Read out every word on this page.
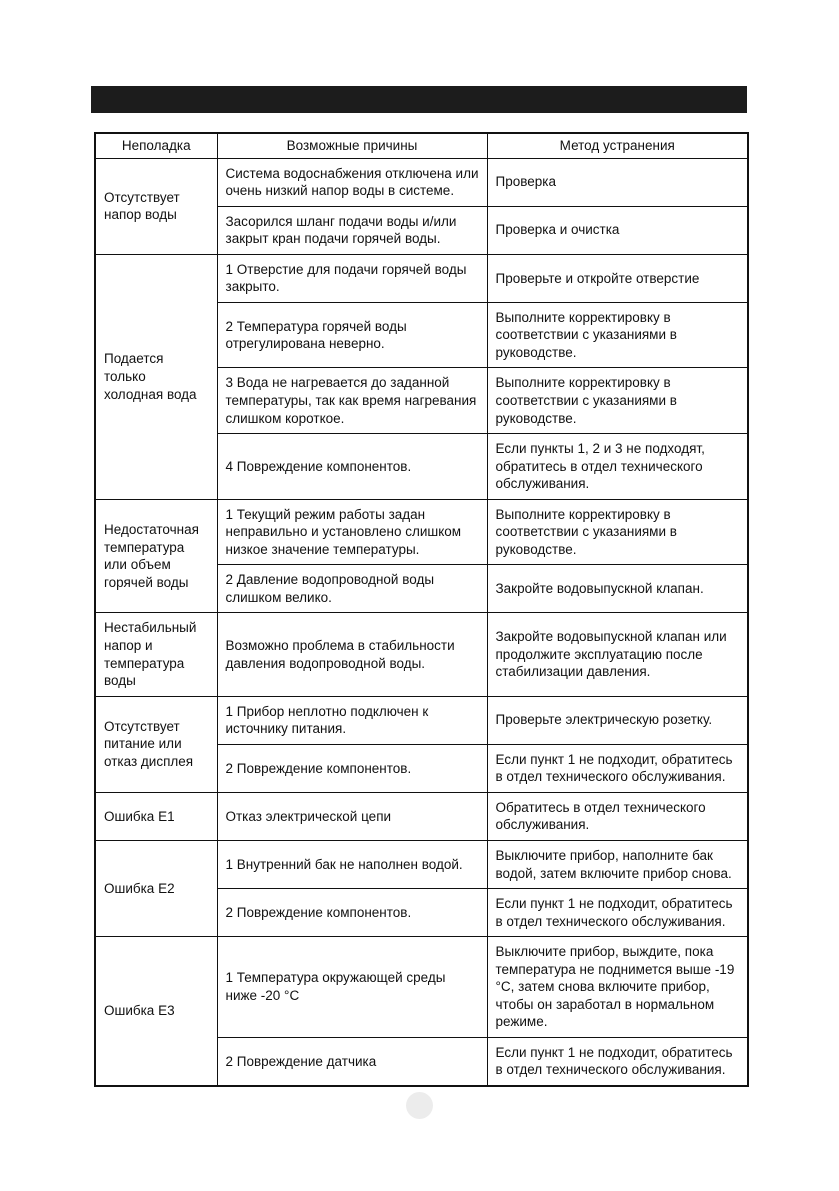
Неполадка	Возможные причины	Метод устранения
Отсутствует напор воды	Система водоснабжения отключена или очень низкий напор воды в системе.	Проверка
	Засорился шланг подачи воды и/или закрыт кран подачи горячей воды.	Проверка и очистка
Подается только холодная вода	1 Отверстие для подачи горячей воды закрыто.	Проверьте и откройте отверстие
	2 Температура горячей воды отрегулирована неверно.	Выполните корректировку в соответствии с указаниями в руководстве.
	3 Вода не нагревается до заданной температуры, так как время нагревания слишком короткое.	Выполните корректировку в соответствии с указаниями в руководстве.
	4 Повреждение компонентов.	Если пункты 1, 2 и 3 не подходят, обратитесь в отдел технического обслуживания.
Недостаточная температура или объем горячей воды	1 Текущий режим работы задан неправильно и установлено слишком низкое значение температуры.	Выполните корректировку в соответствии с указаниями в руководстве.
	2 Давление водопроводной воды слишком велико.	Закройте водовыпускной клапан.
Нестабильный напор и температура воды	Возможно проблема в стабильности давления водопроводной воды.	Закройте водовыпускной клапан или продолжите эксплуатацию после стабилизации давления.
Отсутствует питание или отказ дисплея	1 Прибор неплотно подключен к источнику питания.	Проверьте электрическую розетку.
	2 Повреждение компонентов.	Если пункт 1 не подходит, обратитесь в отдел технического обслуживания.
Ошибка E1	Отказ электрической цепи	Обратитесь в отдел технического обслуживания.
Ошибка E2	1 Внутренний бак не наполнен водой.	Выключите прибор, наполните бак водой, затем включите прибор снова.
	2 Повреждение компонентов.	Если пункт 1 не подходит, обратитесь в отдел технического обслуживания.
Ошибка E3	1 Температура окружающей среды ниже -20 °C	Выключите прибор, выждите, пока температура не поднимется выше -19 °C, затем снова включите прибор, чтобы он заработал в нормальном режиме.
	2 Повреждение датчика	Если пункт 1 не подходит, обратитесь в отдел технического обслуживания.
